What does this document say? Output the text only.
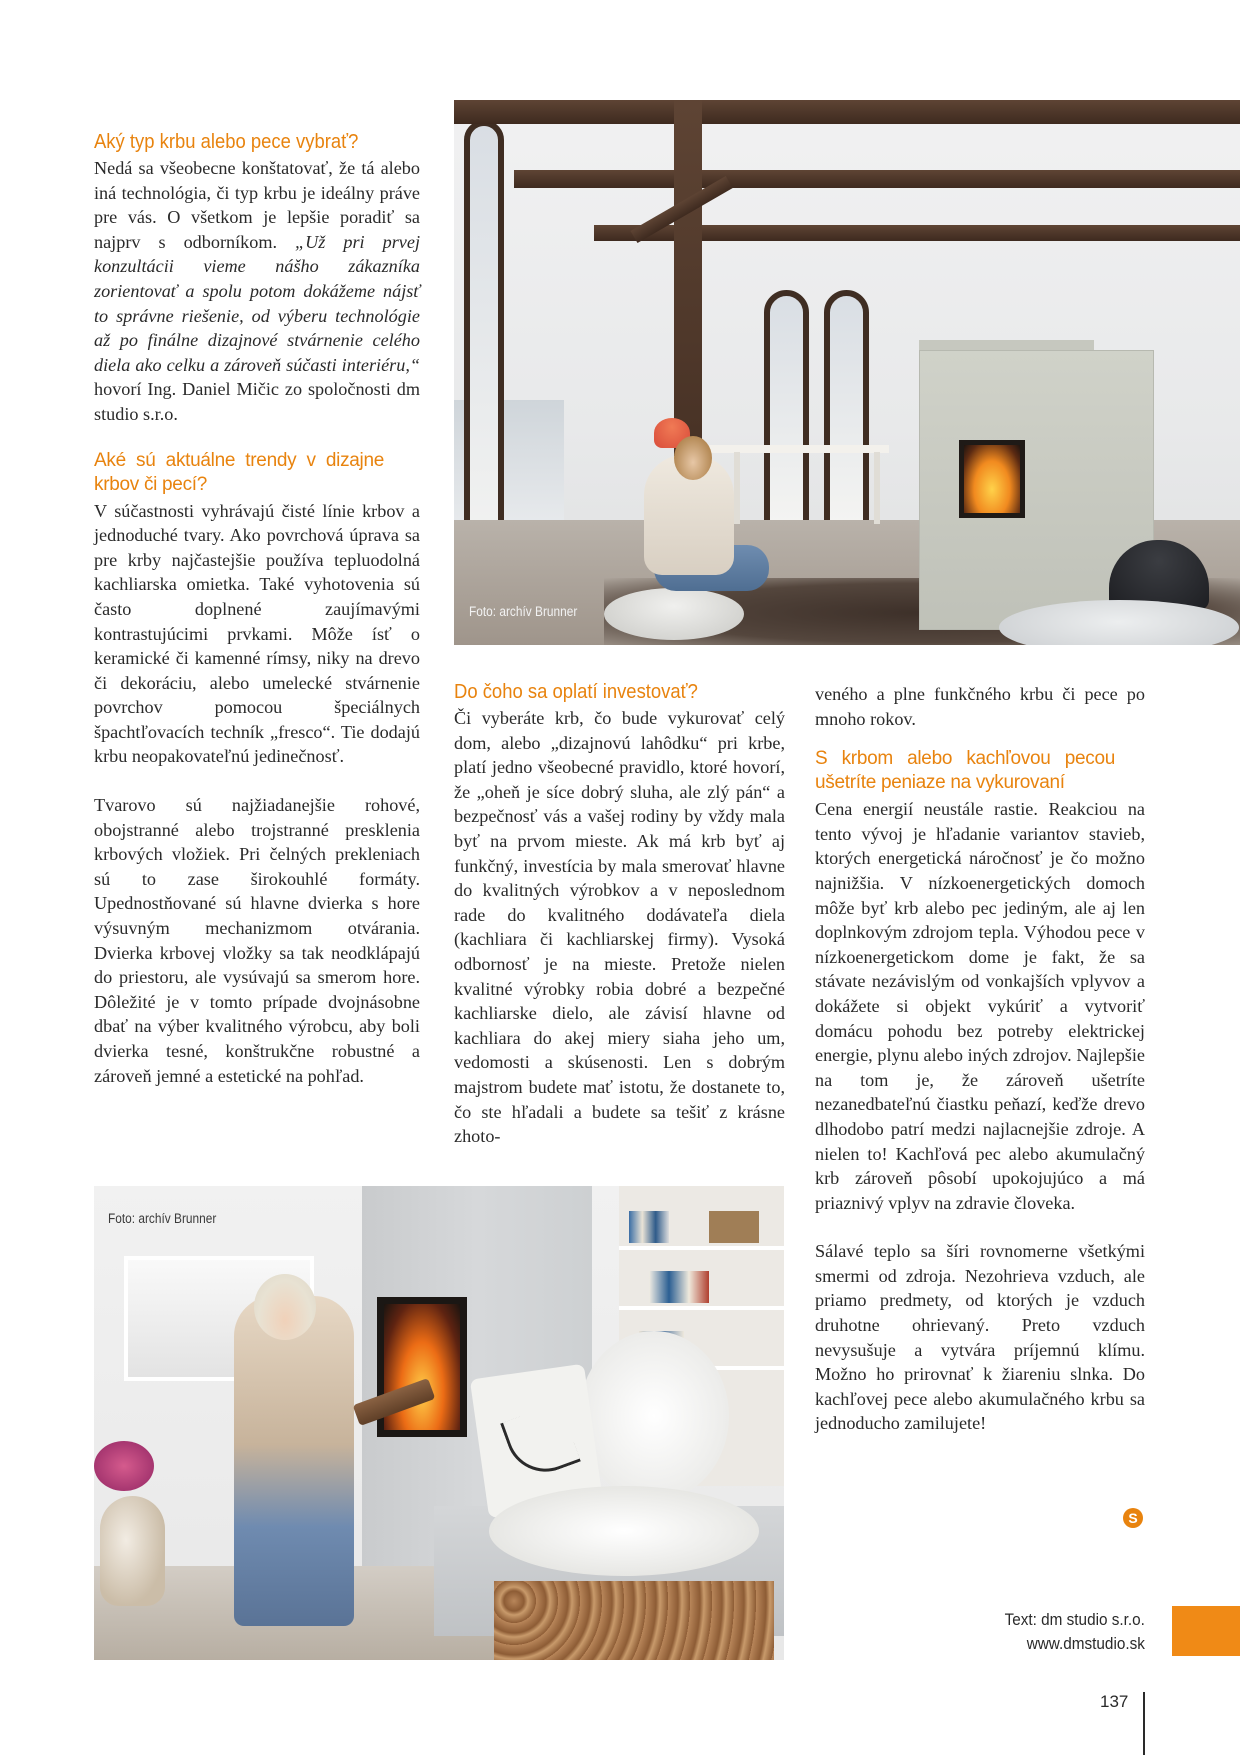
Foto: archív Brunner
Aký typ krbu alebo pece vybrať?

Nedá sa všeobecne konštatovať, že tá alebo iná technológia, či typ krbu je ideálny práve pre vás. O všetkom je lepšie poradiť sa najprv s odborníkom. „Už pri prvej konzultácii vieme nášho zákazníka zorientovať a spolu potom dokážeme nájsť to správne riešenie, od výberu technológie až po finálne dizajnové stvárnenie celého diela ako celku a zároveň súčasti interiéru,“ hovorí Ing. Daniel Mičic zo spoločnosti dm studio s.r.o.

Aké sú aktuálne trendy v dizajne krbov či pecí?

V súčastnosti vyhrávajú čisté línie krbov a jednoduché tvary. Ako povrchová úprava sa pre krby najčastejšie používa tepluodolná kachliarska omietka. Také vyhotovenia sú často doplnené zaujímavými kontrastujúcimi prvkami. Môže ísť o keramické či kamenné rímsy, niky na drevo či dekoráciu, alebo umelecké stvárnenie povrchov pomocou špeciálnych špachtľovacích techník „fresco“. Tie dodajú krbu neopakovateľnú jedinečnosť.

Tvarovo sú najžiadanejšie rohové, obojstranné alebo trojstranné presklenia krbových vložiek. Pri čelných prekleniach sú to zase širokouhlé formáty. Upednostňované sú hlavne dvierka s hore výsuvným mechanizmom otvárania. Dvierka krbovej vložky sa tak neodklápajú do priestoru, ale vysúvajú sa smerom hore. Dôležité je v tomto prípade dvojnásobne dbať na výber kvalitného výrobcu, aby boli dvierka tesné, konštrukčne robustné a zároveň jemné a estetické na pohľad.

Do čoho sa oplatí investovať?

Či vyberáte krb, čo bude vykurovať celý dom, alebo „dizajnovú lahôdku“ pri krbe, platí jedno všeobecné pravidlo, ktoré hovorí, že „oheň je síce dobrý sluha, ale zlý pán“ a bezpečnosť vás a vašej rodiny by vždy mala byť na prvom mieste. Ak má krb byť aj funkčný, investícia by mala smerovať hlavne do kvalitných výrobkov a v neposlednom rade do kvalitného dodávateľa diela (kachliara či kachliarskej firmy). Vysoká odbornosť je na mieste. Pretože nielen kvalitné výrobky robia dobré a bezpečné kachliarske dielo, ale závisí hlavne od kachliara do akej miery siaha jeho um, vedomosti a skúsenosti. Len s dobrým majstrom budete mať istotu, že dostanete to, čo ste hľadali a budete sa tešiť z krásne zhoto-

veného a plne funkčného krbu či pece po mnoho rokov.

S krbom alebo kachľovou pecou ušetríte peniaze na vykurovaní

Cena energií neustále rastie. Reakciou na tento vývoj je hľadanie variantov stavieb, ktorých energetická náročnosť je čo možno najnižšia. V nízkoenergetických domoch môže byť krb alebo pec jediným, ale aj len doplnkovým zdrojom tepla. Výhodou pece v nízkoenergetickom dome je fakt, že sa stávate nezávislým od vonkajších vplyvov a dokážete si objekt vykúriť a vytvoriť domácu pohodu bez potreby elektrickej energie, plynu alebo iných zdrojov. Najlepšie na tom je, že zároveň ušetríte nezanedbateľnú čiastku peňazí, keďže drevo dlhodobo patrí medzi najlacnejšie zdroje. A nielen to! Kachľová pec alebo akumulačný krb zároveň pôsobí upokojujúco a má priaznivý vplyv na zdravie človeka.

Sálavé teplo sa šíri rovnomerne všetkými smermi od zdroja. Nezohrieva vzduch, ale priamo predmety, od ktorých je vzduch druhotne ohrievaný. Preto vzduch nevysušuje a vytvára príjemnú klímu. Možno ho prirovnať k žiareniu slnka. Do kachľovej pece alebo akumulačného krbu sa jednoducho zamilujete!

S
Foto: archív Brunner
Text: dm studio s.r.o.
www.dmstudio.sk
137
